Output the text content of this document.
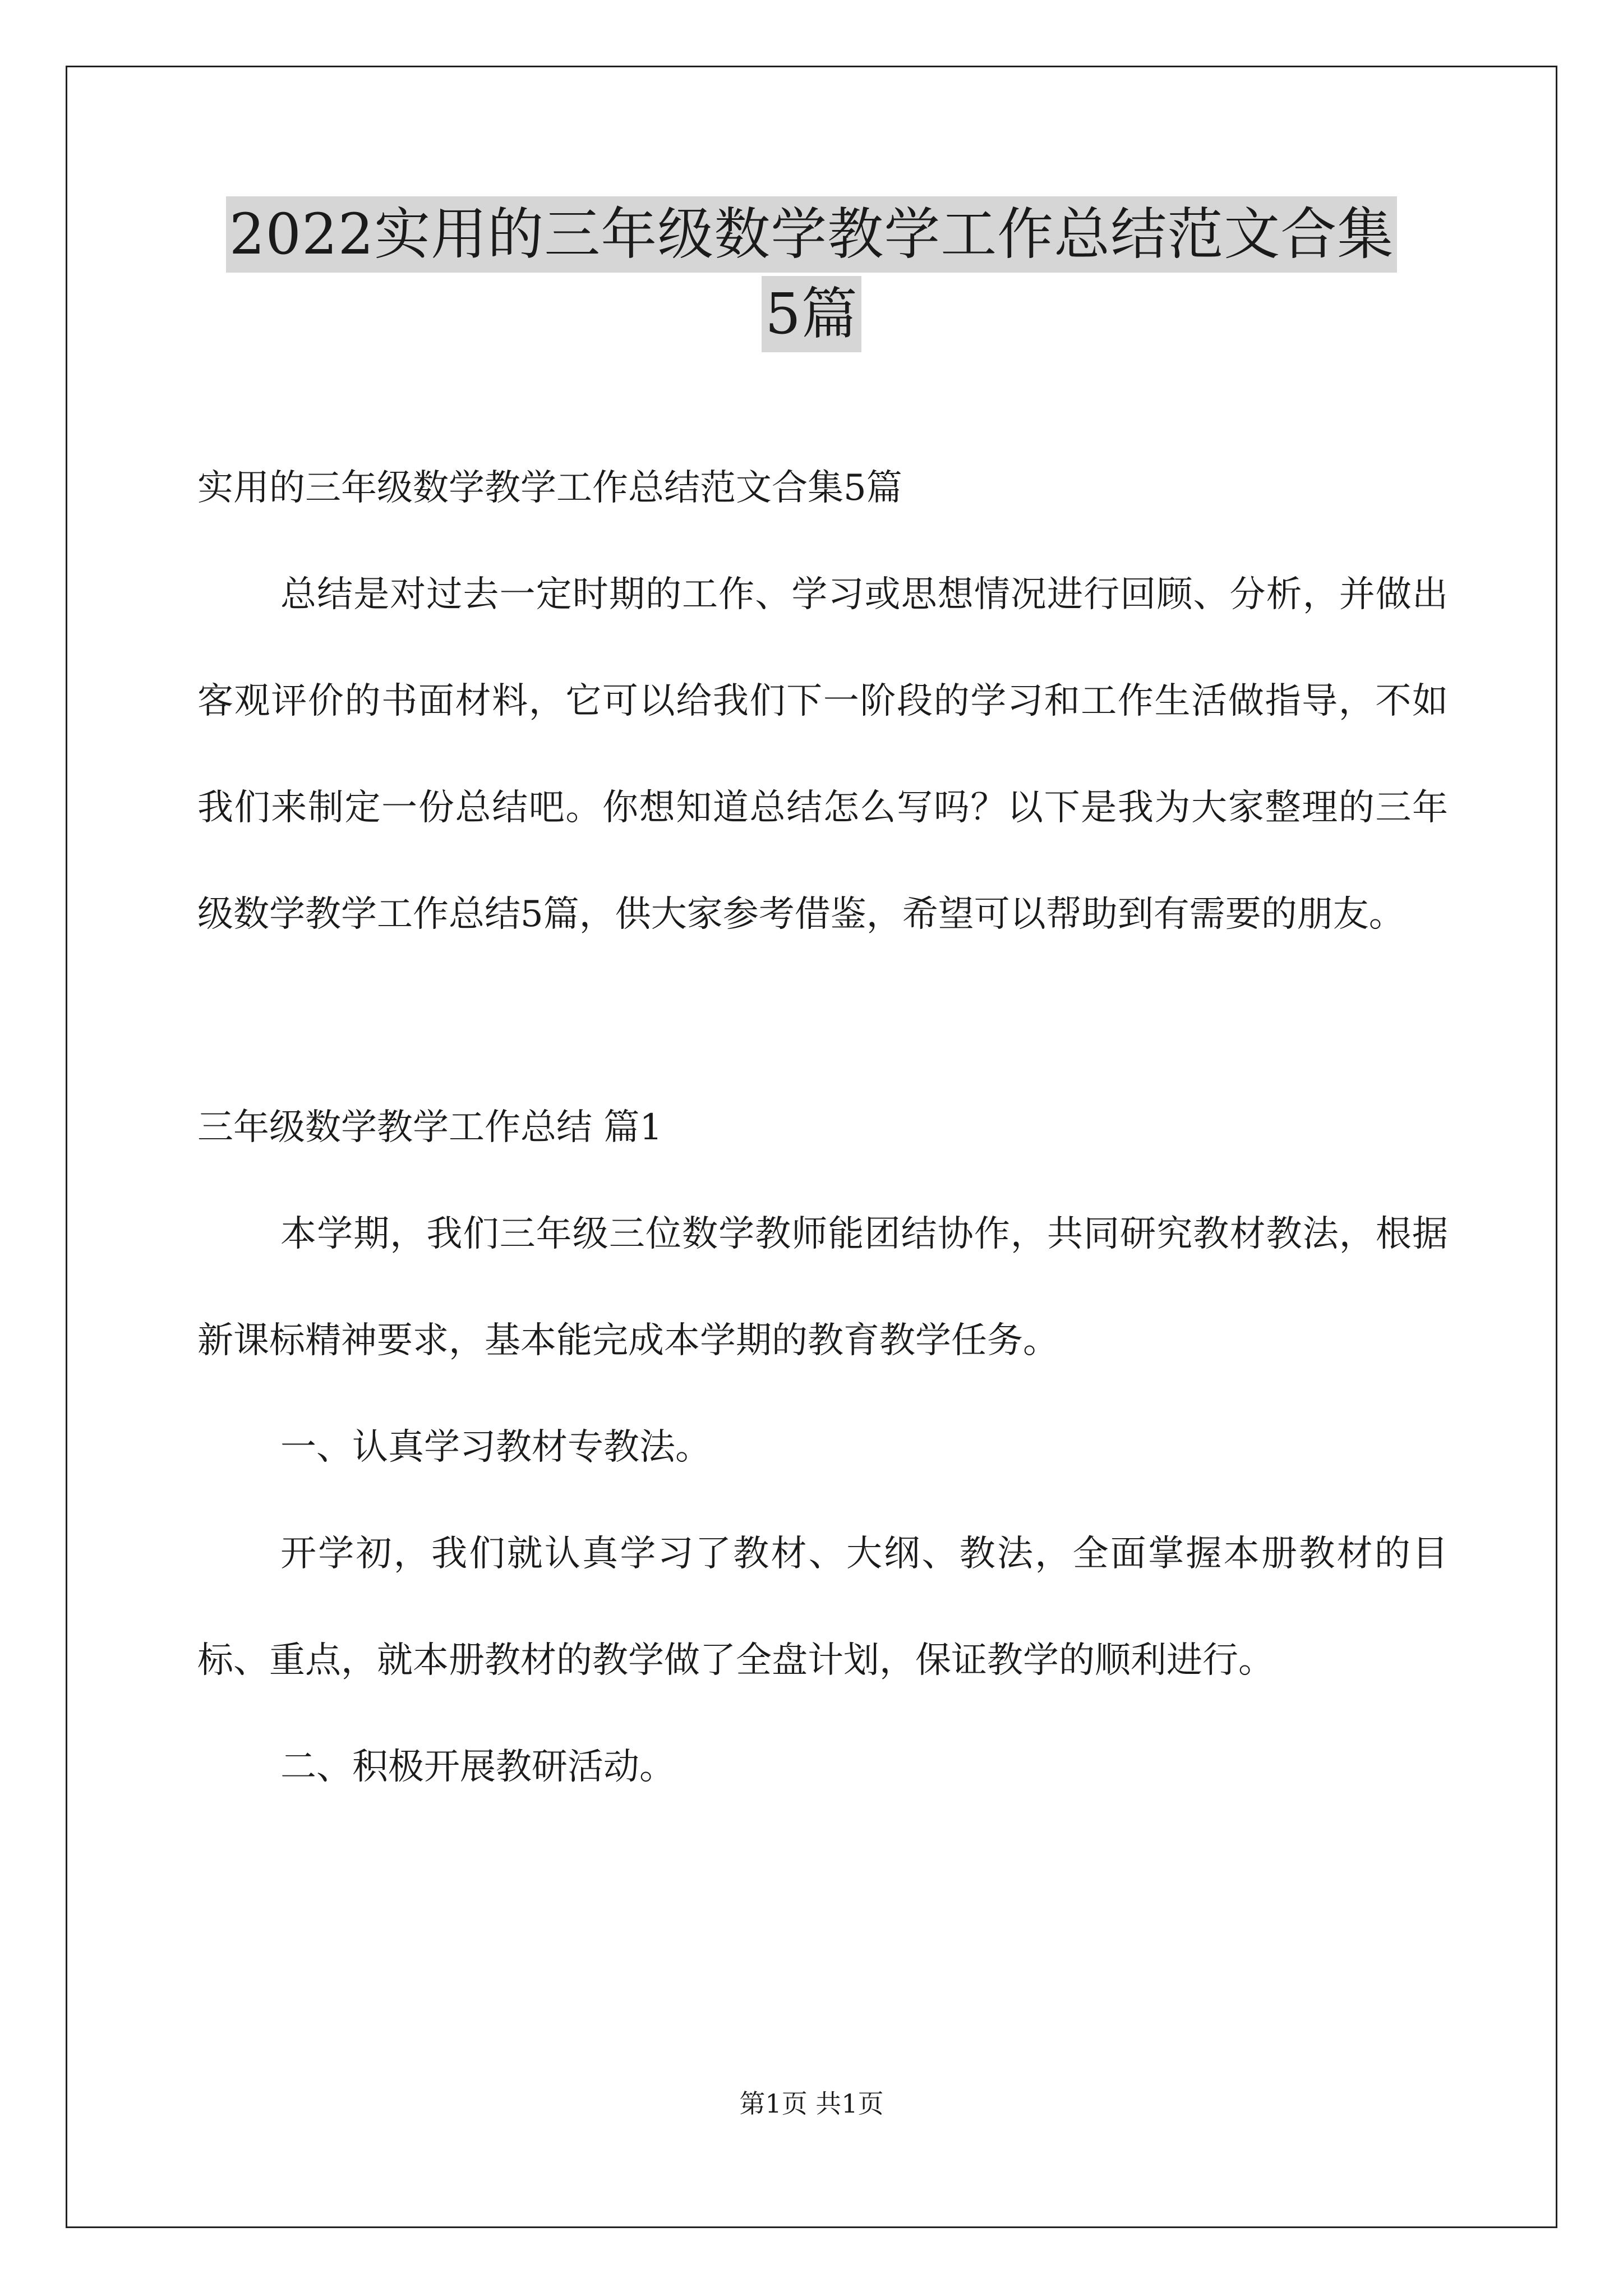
2022实用的三年级数学教学工作总结范文合集
5篇

实用的三年级数学教学工作总结范文合集5篇

总结是对过去一定时期的工作、学习或思想情况进行回顾、分析，并做出客观评价的书面材料，它可以给我们下一阶段的学习和工作生活做指导，不如我们来制定一份总结吧。你想知道总结怎么写吗？以下是我为大家整理的三年级数学教学工作总结5篇，供大家参考借鉴，希望可以帮助到有需要的朋友。

三年级数学教学工作总结 篇1

本学期，我们三年级三位数学教师能团结协作，共同研究教材教法，根据新课标精神要求，基本能完成本学期的教育教学任务。

一、认真学习教材专教法。

开学初，我们就认真学习了教材、大纲、教法，全面掌握本册教材的目标、重点，就本册教材的教学做了全盘计划，保证教学的顺利进行。

二、积极开展教研活动。

第1页 共1页
